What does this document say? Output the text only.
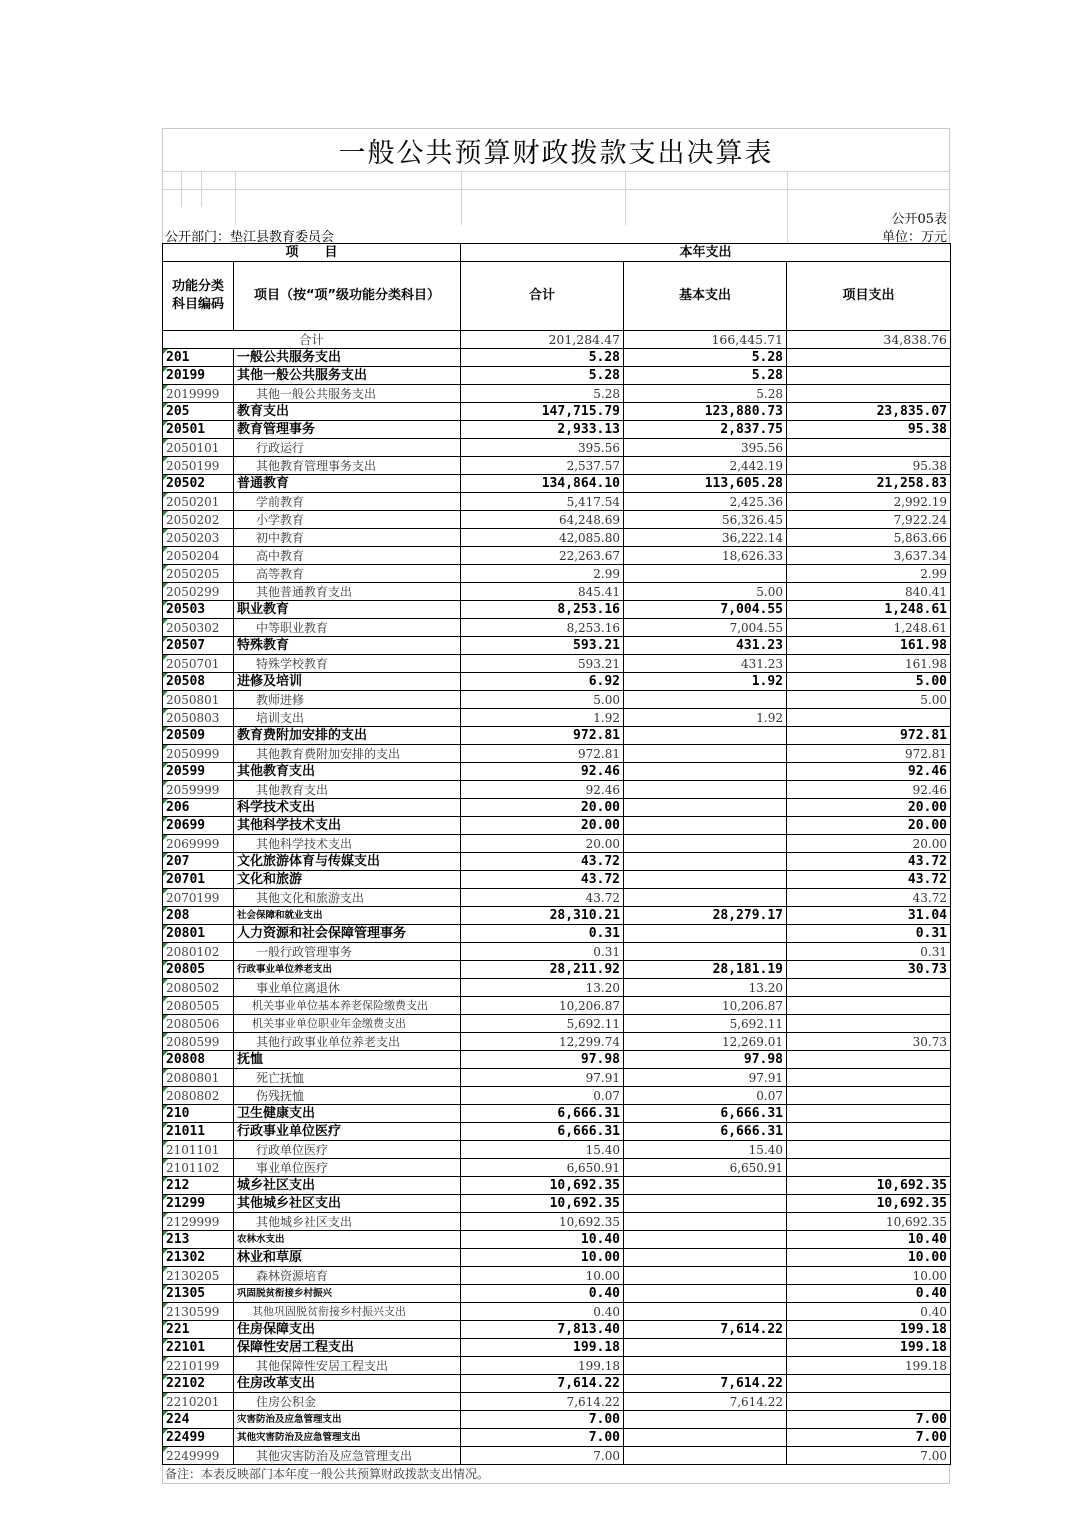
一般公共预算财政拨款支出决算表
公开05表
公开部门：垫江县教育委员会	单位：万元
项　　目		本年支出		
功能分类科目编码	项目（按“项”级功能分类科目）	合计	基本支出	项目支出
合计		201,284.47	166,445.71	34,838.76
201	一般公共服务支出	5.28	5.28	
20199	其他一般公共服务支出	5.28	5.28	
2019999	其他一般公共服务支出	5.28	5.28	
205	教育支出	147,715.79	123,880.73	23,835.07
20501	教育管理事务	2,933.13	2,837.75	95.38
2050101	行政运行	395.56	395.56	
2050199	其他教育管理事务支出	2,537.57	2,442.19	95.38
20502	普通教育	134,864.10	113,605.28	21,258.83
2050201	学前教育	5,417.54	2,425.36	2,992.19
2050202	小学教育	64,248.69	56,326.45	7,922.24
2050203	初中教育	42,085.80	36,222.14	5,863.66
2050204	高中教育	22,263.67	18,626.33	3,637.34
2050205	高等教育	2.99		2.99
2050299	其他普通教育支出	845.41	5.00	840.41
20503	职业教育	8,253.16	7,004.55	1,248.61
2050302	中等职业教育	8,253.16	7,004.55	1,248.61
20507	特殊教育	593.21	431.23	161.98
2050701	特殊学校教育	593.21	431.23	161.98
20508	进修及培训	6.92	1.92	5.00
2050801	教师进修	5.00		5.00
2050803	培训支出	1.92	1.92	
20509	教育费附加安排的支出	972.81		972.81
2050999	其他教育费附加安排的支出	972.81		972.81
20599	其他教育支出	92.46		92.46
2059999	其他教育支出	92.46		92.46
206	科学技术支出	20.00		20.00
20699	其他科学技术支出	20.00		20.00
2069999	其他科学技术支出	20.00		20.00
207	文化旅游体育与传媒支出	43.72		43.72
20701	文化和旅游	43.72		43.72
2070199	其他文化和旅游支出	43.72		43.72
208	社会保障和就业支出	28,310.21	28,279.17	31.04
20801	人力资源和社会保障管理事务	0.31		0.31
2080102	一般行政管理事务	0.31		0.31
20805	行政事业单位养老支出	28,211.92	28,181.19	30.73
2080502	事业单位离退休	13.20	13.20	
2080505	机关事业单位基本养老保险缴费支出	10,206.87	10,206.87	
2080506	机关事业单位职业年金缴费支出	5,692.11	5,692.11	
2080599	其他行政事业单位养老支出	12,299.74	12,269.01	30.73
20808	抚恤	97.98	97.98	
2080801	死亡抚恤	97.91	97.91	
2080802	伤残抚恤	0.07	0.07	
210	卫生健康支出	6,666.31	6,666.31	
21011	行政事业单位医疗	6,666.31	6,666.31	
2101101	行政单位医疗	15.40	15.40	
2101102	事业单位医疗	6,650.91	6,650.91	
212	城乡社区支出	10,692.35		10,692.35
21299	其他城乡社区支出	10,692.35		10,692.35
2129999	其他城乡社区支出	10,692.35		10,692.35
213	农林水支出	10.40		10.40
21302	林业和草原	10.00		10.00
2130205	森林资源培育	10.00		10.00
21305	巩固脱贫衔接乡村振兴	0.40		0.40
2130599	其他巩固脱贫衔接乡村振兴支出	0.40		0.40
221	住房保障支出	7,813.40	7,614.22	199.18
22101	保障性安居工程支出	199.18		199.18
2210199	其他保障性安居工程支出	199.18		199.18
22102	住房改革支出	7,614.22	7,614.22	
2210201	住房公积金	7,614.22	7,614.22	
224	灾害防治及应急管理支出	7.00		7.00
22499	其他灾害防治及应急管理支出	7.00		7.00
2249999	其他灾害防治及应急管理支出	7.00		7.00
备注：本表反映部门本年度一般公共预算财政拨款支出情况。
